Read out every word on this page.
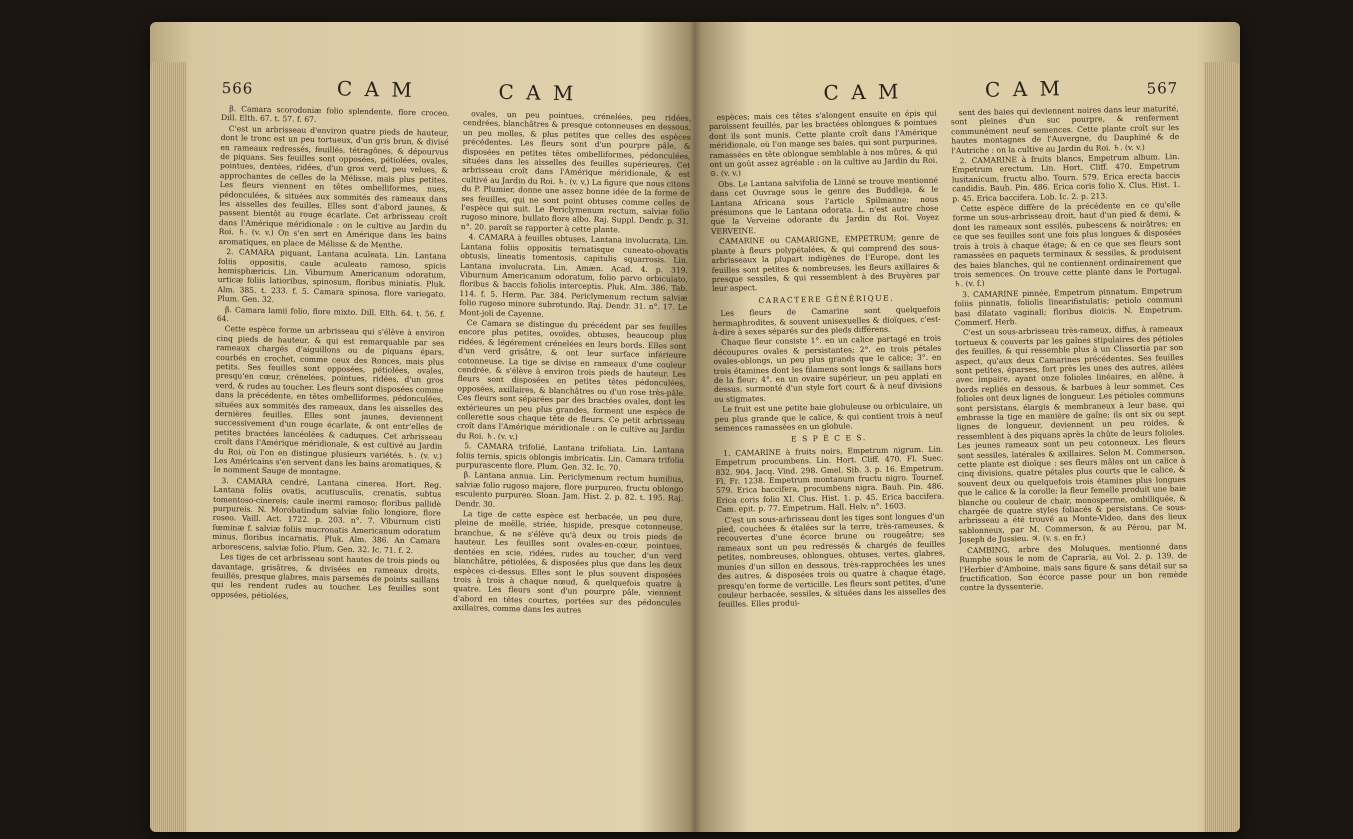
566	C A M	C A M

β. Camara scorodoniæ folio splendente, flore croceo. Dill. Elth. 67. t. 57. f. 67.

C'est un arbrisseau d'environ quatre pieds de hauteur, dont le tronc est un peu tortueux, d'un gris brun, & divisé en rameaux redressés, feuillés, tétragônes, & dépourvus de piquans. Ses feuilles sont opposées, pétiolées, ovales, pointues, dentées, ridées, d'un gros verd, peu velues, & approchantes de celles de la Mélisse, mais plus petites. Les fleurs viennent en têtes ombelliformes, nues, pédonculées, & situées aux sommités des rameaux dans les aisselles des feuilles. Elles sont d'abord jaunes, & passent bientôt au rouge écarlate. Cet arbrisseau croît dans l'Amérique méridionale : on le cultive au Jardin du Roi. ♄. (v. v.) On s'en sert en Amérique dans les bains aromatiques, en place de Mélisse & de Menthe.

2. CAMARA piquant, Lantana aculeata. Lin. Lantana foliis oppositis, caule aculeato ramoso, spicis hemisphæricis. Lin. Viburnum Americanum odoratum, urticæ foliis latioribus, spinosum, floribus miniatis. Pluk. Alm. 385. t. 233. f. 5. Camara spinosa, flore variegato. Plum. Gen. 32.

β. Camara lamii folio, flore mixto. Dill. Elth. 64. t. 56. f. 64.

Cette espèce forme un arbrisseau qui s'élève à environ cinq pieds de hauteur, & qui est remarquable par ses rameaux chargés d'aiguillons ou de piquans épars, courbés en crochet, comme ceux des Ronces, mais plus petits. Ses feuilles sont opposées, pétiolées, ovales, presqu'en cœur, crénelées, pointues, ridées, d'un gros verd, & rudes au toucher. Les fleurs sont disposées comme dans la précédente, en têtes ombelliformes, pédonculées, situées aux sommités des rameaux, dans les aisselles des dernières feuilles. Elles sont jaunes, deviennent successivement d'un rouge écarlate, & ont entr'elles de petites bractées lancéolées & caduques. Cet arbrisseau croît dans l'Amérique méridionale, & est cultivé au Jardin du Roi, où l'on en distingue plusieurs variétés. ♄. (v. v.) Les Américains s'en servent dans les bains aromatiques, & le nomment Sauge de montagne.

3. CAMARA cendré, Lantana cinerea. Hort. Reg. Lantana foliis ovatis, acutiusculis, crenatis, subtus tomentoso-cinereis; caule inermi ramoso; floribus pallidè purpureis. N. Morobatindum salviæ folio longiore, flore roseo. Vaill. Act. 1722. p. 203. n°. 7. Viburnum cisti fœminæ f. salviæ foliis mucronatis Americanum odoratum minus, floribus incarnatis. Pluk. Alm. 386. An Camara arborescens, salviæ folio. Plum. Gen. 32. Ic. 71. f. 2.

Les tiges de cet arbrisseau sont hautes de trois pieds ou davantage, grisâtres, & divisées en rameaux droits, feuillés, presque glabres, mais parsemés de points saillans qui les rendent rudes au toucher. Les feuilles sont opposées, pétiolées,

ovales, un peu pointues, crénelées, peu ridées, cendrées, blanchâtres & presque cotonneuses en dessous, un peu molles, & plus petites que celles des espèces précédentes. Les fleurs sont d'un pourpre pâle, & disposées en petites têtes ombelliformes, pédonculées, situées dans les aisselles des feuilles supérieures. Cet arbrisseau croît dans l'Amérique méridionale, & est cultivé au Jardin du Roi. ♄. (v. v.) La figure que nous citons du P. Plumier, donne une assez bonne idée de la forme de ses feuilles, qui ne sont point obtuses comme celles de l'espèce qui suit. Le Periclymenum rectum, salviæ folio rugoso minore, bullato flore albo. Raj. Suppl. Dendr. p. 31. n°. 20. paroît se rapporter à cette plante.

4. CAMARA à feuilles obtuses, Lantana involucrata. Lin. Lantana foliis oppositis ternatisque cuneato-obovatis obtusis, lineatis tomentosis, capitulis squarrosis. Lin. Lantana involucrata. Lin. Amæn. Acad. 4. p. 319. Viburnum Americanum odoratum, folio parvo orbiculato, floribus & baccis foliolis interceptis. Pluk. Alm. 386. Tab. 114. f. 5. Herm. Par. 384. Periclymenum rectum salviæ folio rugoso minore subrotundo. Raj. Dendr. 31. n°. 17. Le Mont-joli de Cayenne.

Ce Camara se distingue du précédent par ses feuilles encore plus petites, ovoïdes, obtuses, beaucoup plus ridées, & légérement crénelées en leurs bords. Elles sont d'un verd grisâtre, & ont leur surface inférieure cotonneuse. La tige se divise en rameaux d'une couleur cendrée, & s'élève à environ trois pieds de hauteur. Les fleurs sont disposées en petites têtes pédonculées, opposées, axillaires, & blanchâtres ou d'un rose très-pâle. Ces fleurs sont séparées par des bractées ovales, dont les extérieures un peu plus grandes, forment une espèce de collerette sous chaque tête de fleurs. Ce petit arbrisseau croît dans l'Amérique méridionale : on le cultive au Jardin du Roi. ♄. (v. v.)

5. CAMARA trifolié, Lantana trifoliata. Lin. Lantana foliis ternis, spicis oblongis imbricatis. Lin. Camara trifolia purpurascente flore. Plum. Gen. 32. Ic. 70.

β. Lantana annua. Lin. Periclymenum rectum humilius, salviæ folio rugoso majore, flore purpureo, fructu oblongo esculento purpureo. Sloan. Jam. Hist. 2. p. 82. t. 195. Raj. Dendr. 30.

La tige de cette espèce est herbacée, un peu dure, pleine de moëlle, striée, hispide, presque cotonneuse, branchue, & ne s'élève qu'à deux ou trois pieds de hauteur. Les feuilles sont ovales-en-cœur, pointues, dentées en scie, ridées, rudes au toucher, d'un verd blanchâtre, pétiolées, & disposées plus que dans les deux espèces ci-dessus. Elles sont le plus souvent disposées trois à trois à chaque nœud, & quelquefois quatre à quatre. Les fleurs sont d'un pourpre pâle, viennent d'abord en têtes courtes, portées sur des pédoncules axillaires, comme dans les autres

C A M	C A M	567

espèces; mais ces têtes s'alongent ensuite en épis qui paroissent feuillés, par les bractées oblongues & pointues dont ils sont munis. Cette plante croît dans l'Amérique méridionale, où l'on mange ses baies, qui sont purpurines, ramassées en tête oblongue semblable à nos mûres, & qui ont un goût assez agréable : on la cultive au Jardin du Roi. ⊙. (v. v.)

Obs. Le Lantana salvifolia de Linné se trouve mentionné dans cet Ouvrage sous le genre des Buddleja, & le Lantana Africana sous l'article Spilmanne; nous présumons que le Lantana odorata. L. n'est autre chose que la Verveine odorante du Jardin du Roi. Voyez VERVEINE.

CAMARINE ou CAMARIGNE, EMPETRUM; genre de plante à fleurs polypétalées, & qui comprend des sous-arbrisseaux la plupart indigènes de l'Europe, dont les feuilles sont petites & nombreuses, les fleurs axillaires & presque sessiles, & qui ressemblent à des Bruyères par leur aspect.

CARACTERE GÉNÉRIQUE.

Les fleurs de Camarine sont quelquefois hermaphrodites, & souvent unisexuelles & dioïques, c'est-à-dire à sexes séparés sur des pieds différens.

Chaque fleur consiste 1°. en un calice partagé en trois découpures ovales & persistantes; 2°. en trois pétales ovales-oblongs, un peu plus grands que le calice; 3°. en trois étamines dont les filamens sont longs & saillans hors de la fleur; 4°. en un ovaire supérieur, un peu applati en dessus, surmonté d'un style fort court & à neuf divisions ou stigmates.

Le fruit est une petite baie globuleuse ou orbiculaire, un peu plus grande que le calice, & qui contient trois à neuf semences ramassées en un globule.

E S P È C E S.

1. CAMARINE à fruits noirs, Empetrum nigrum. Lin. Empetrum procumbens. Lin. Hort. Cliff. 470. Fl. Suec. 832. 904. Jacq. Vind. 298. Gmel. Sib. 3. p. 16. Empetrum. Fl. Fr. 1238. Empetrum montanum fructu nigro. Tournef. 579. Erica baccifera, procumbens nigra. Bauh. Pin. 486. Erica coris folio XI. Clus. Hist. 1. p. 45. Erica baccifera. Cam. epit. p. 77. Empetrum. Hall. Helv. n°. 1603.

C'est un sous-arbrisseau dont les tiges sont longues d'un pied, couchées & étalées sur la terre, très-rameuses, & recouvertes d'une écorce brune ou rougeâtre; ses rameaux sont un peu redressés & chargés de feuilles petites, nombreuses, oblongues, obtuses, vertes, glabres, munies d'un sillon en dessous, très-rapprochées les unes des autres, & disposées trois ou quatre à chaque étage, presqu'en forme de verticille. Les fleurs sont petites, d'une couleur herbacée, sessiles, & situées dans les aisselles des feuilles. Elles produi-

sent des baies qui deviennent noires dans leur maturité, sont pleines d'un suc pourpre, & renferment communément neuf semences. Cette plante croît sur les hautes montagnes de l'Auvergne, du Dauphiné & de l'Autriche : on la cultive au Jardin du Roi. ♄. (v. v.)

2. CAMARINE à fruits blancs, Empetrum album. Lin. Empetrum erectum. Lin. Hort. Cliff. 470. Empetrum lusitanicum, fructu albo. Tourn. 579. Erica erecta baccis candidis. Bauh. Pin. 486. Erica coris folio X. Clus. Hist. 1. p. 45. Erica baccifera. Lob. Ic. 2. p. 213.

Cette espèce diffère de la précédente en ce qu'elle forme un sous-arbrisseau droit, haut d'un pied & demi, & dont les rameaux sont essilés, pubescens & noirâtres; en ce que ses feuilles sont une fois plus longues & disposées trois à trois à chaque étage; & en ce que ses fleurs sont ramassées en paquets terminaux & sessiles, & produisent des baies blanches, qui ne contiennent ordinairement que trois semences. On trouve cette plante dans le Portugal. ♄. (v. f.)

3. CAMARINE pinnée, Empetrum pinnatum. Empetrum foliis pinnatis, foliolis linearifistulatis; petiolo communi basi dilatato vaginali; floribus dioicis. N. Empetrum. Commerf. Herb.

C'est un sous-arbrisseau très-rameux, diffus, à rameaux tortueux & couverts par les gaînes stipulaires des pétioles des feuilles, & qui ressemble plus à un Clissortia par son aspect, qu'aux deux Camarines précédentes. Ses feuilles sont petites, éparses, fort près les unes des autres, ailées avec impaire, ayant onze folioles linéaires, en alêne, à bords repliés en dessous, & barbues à leur sommet. Ces folioles ont deux lignes de longueur. Les pétioles communs sont persistans, élargis & membraneux à leur base, qui embrasse la tige en manière de gaîne; ils ont six ou sept lignes de longueur, deviennent un peu roides, & ressemblent à des piquans après la chûte de leurs folioles. Les jeunes rameaux sont un peu cotonneux. Les fleurs sont sessiles, latérales & axillaires. Selon M. Commerson, cette plante est dioïque : ses fleurs mâles ont un calice à cinq divisions, quatre pétales plus courts que le calice, & souvent deux ou quelquefois trois étamines plus longues que le calice & la corolle; la fleur femelle produit une baie blanche ou couleur de chair, monosperme, ombiliquée, & chargée de quatre styles foliacés & persistans. Ce sous-arbrisseau a été trouvé au Monte-Video, dans des lieux sablonneux, par M. Commerson, & au Pérou, par M. Joseph de Jussieu. ♃. (v. s. en fr.)

CAMBING, arbre des Moluques, mentionné dans Rumphe sous le nom de Capraria, au Vol. 2. p. 139. de l'Herbier d'Amboine, mais sans figure & sans détail sur sa fructification. Son écorce passe pour un bon remède contre la dyssenterie.
